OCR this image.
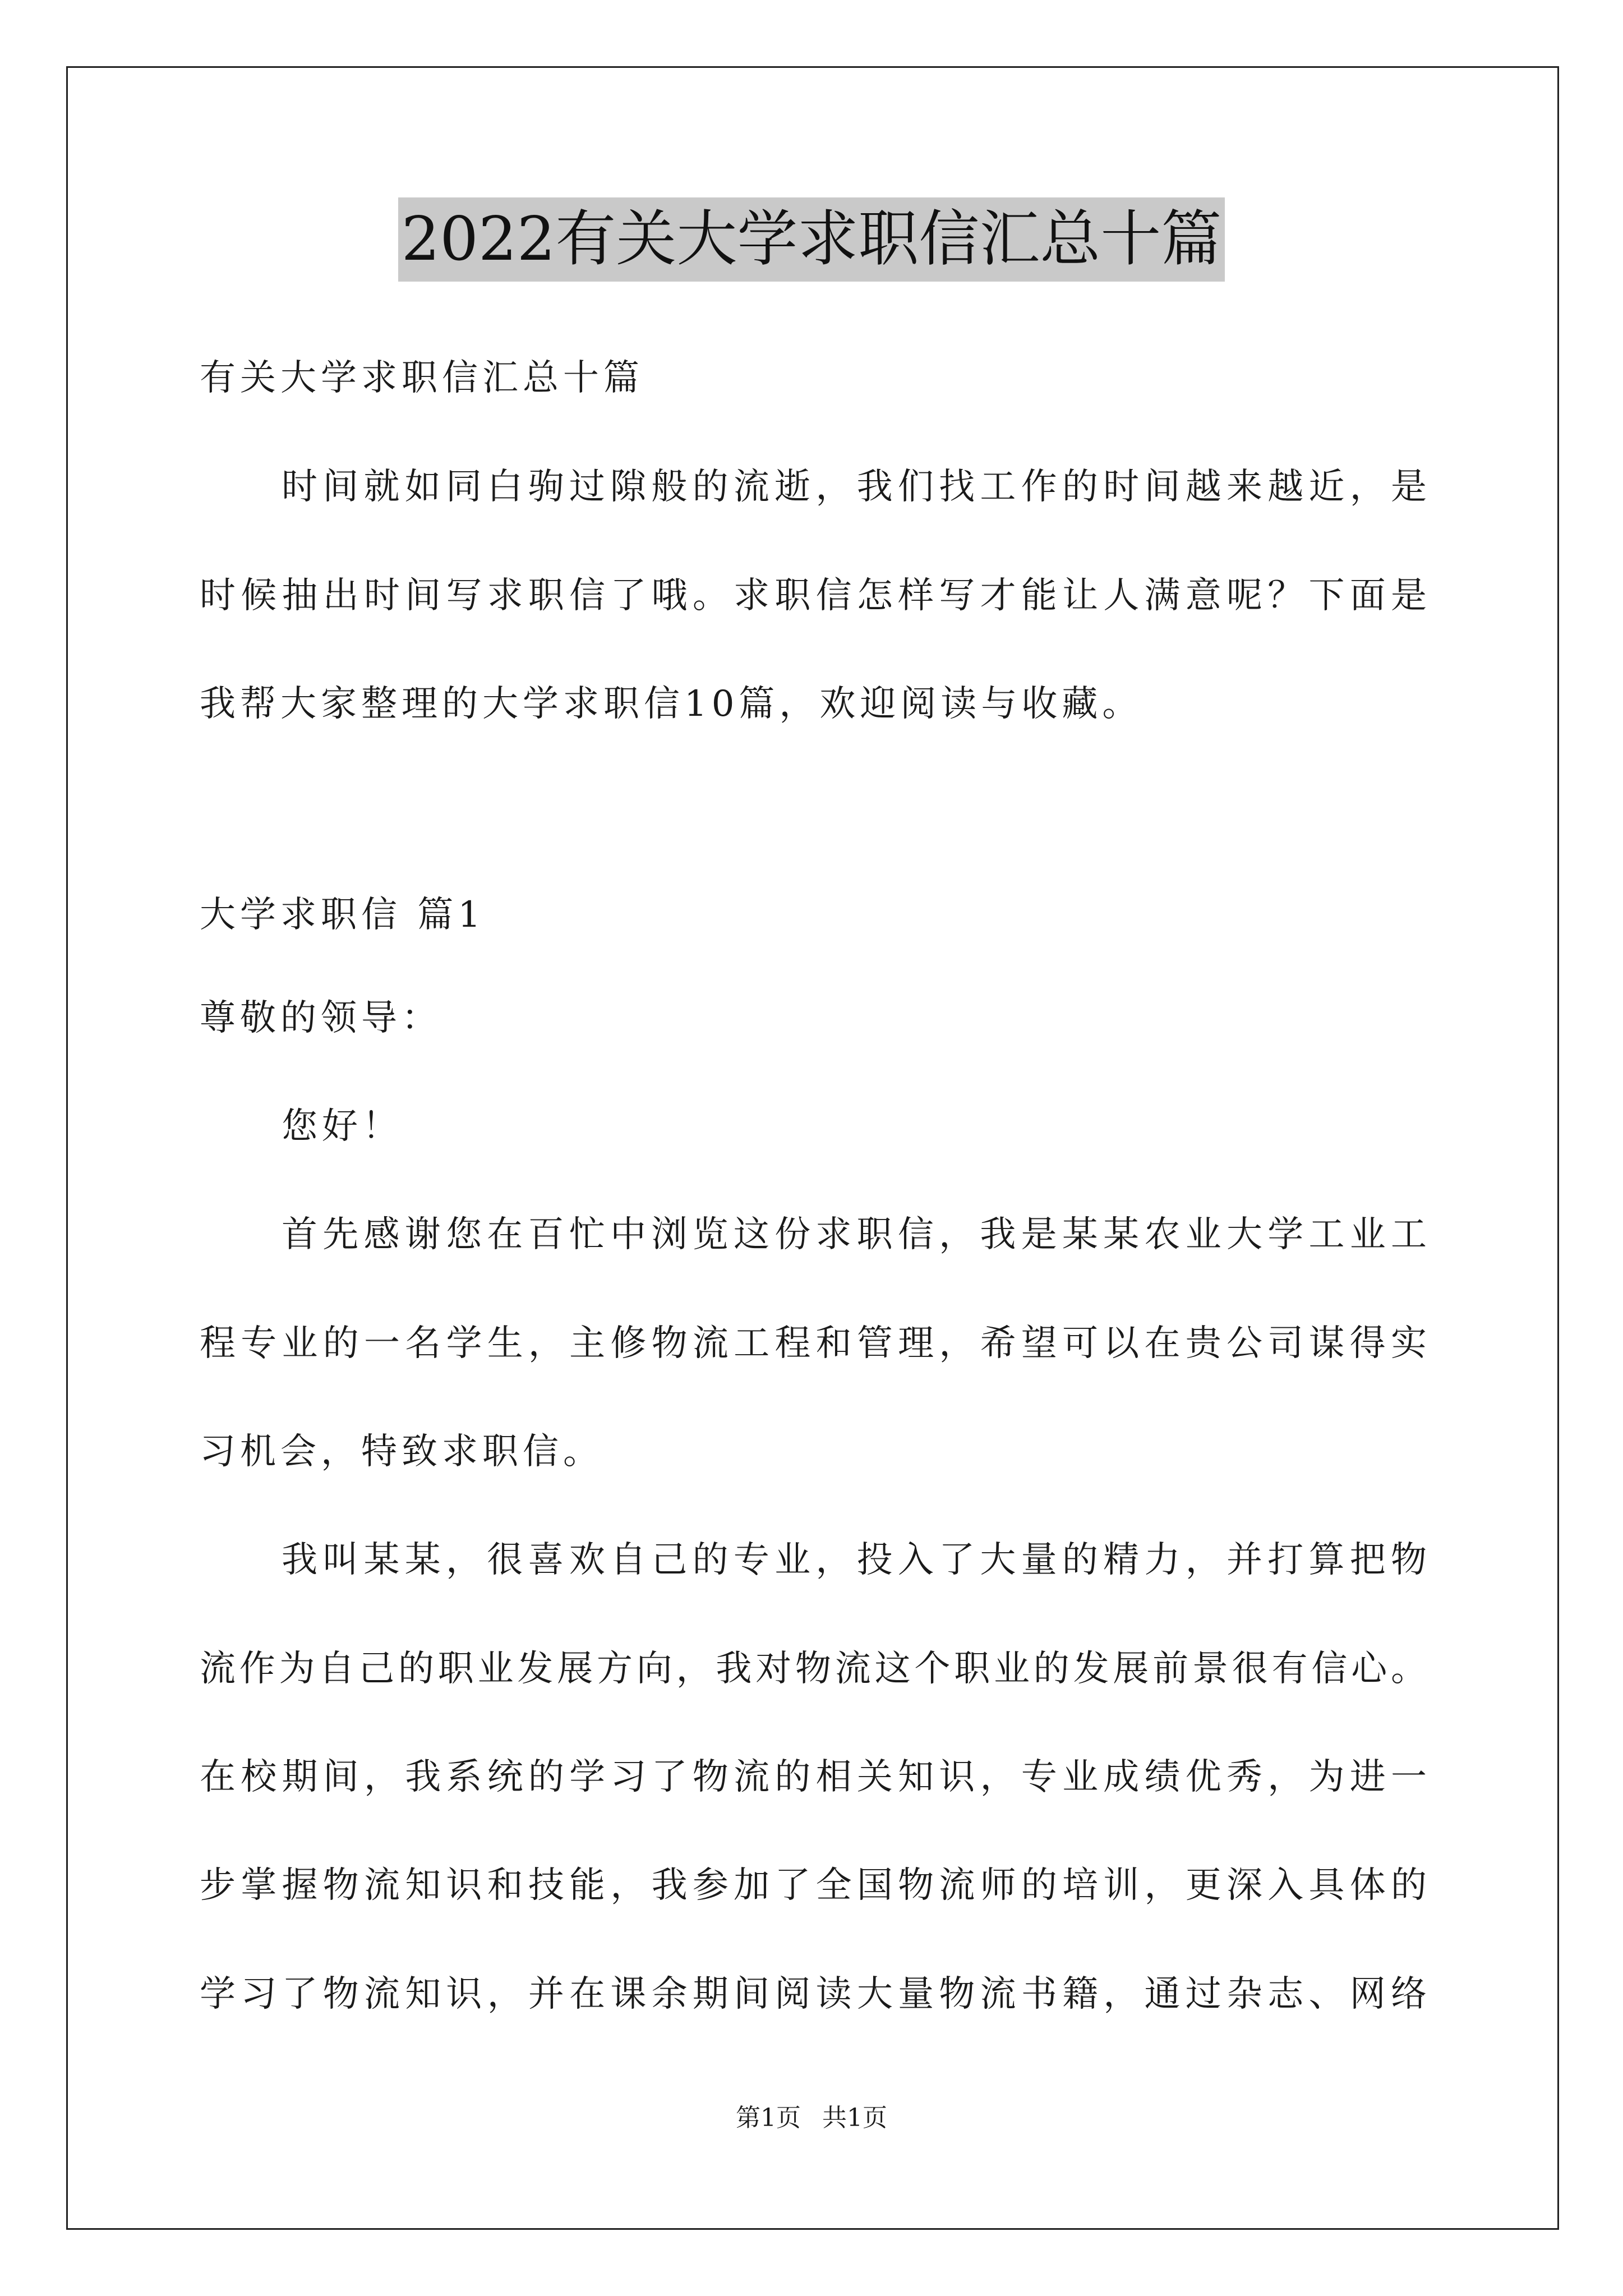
2022有关大学求职信汇总十篇
有关大学求职信汇总十篇
时间就如同白驹过隙般的流逝，我们找工作的时间越来越近，是
时候抽出时间写求职信了哦。求职信怎样写才能让人满意呢？下面是
我帮大家整理的大学求职信10篇，欢迎阅读与收藏。
大学求职信 篇1
尊敬的领导：
您好！
首先感谢您在百忙中浏览这份求职信，我是某某农业大学工业工
程专业的一名学生，主修物流工程和管理，希望可以在贵公司谋得实
习机会，特致求职信。
我叫某某，很喜欢自己的专业，投入了大量的精力，并打算把物
流作为自己的职业发展方向，我对物流这个职业的发展前景很有信心。
在校期间，我系统的学习了物流的相关知识，专业成绩优秀，为进一
步掌握物流知识和技能，我参加了全国物流师的培训，更深入具体的
学习了物流知识，并在课余期间阅读大量物流书籍，通过杂志、网络
第1页 共1页
